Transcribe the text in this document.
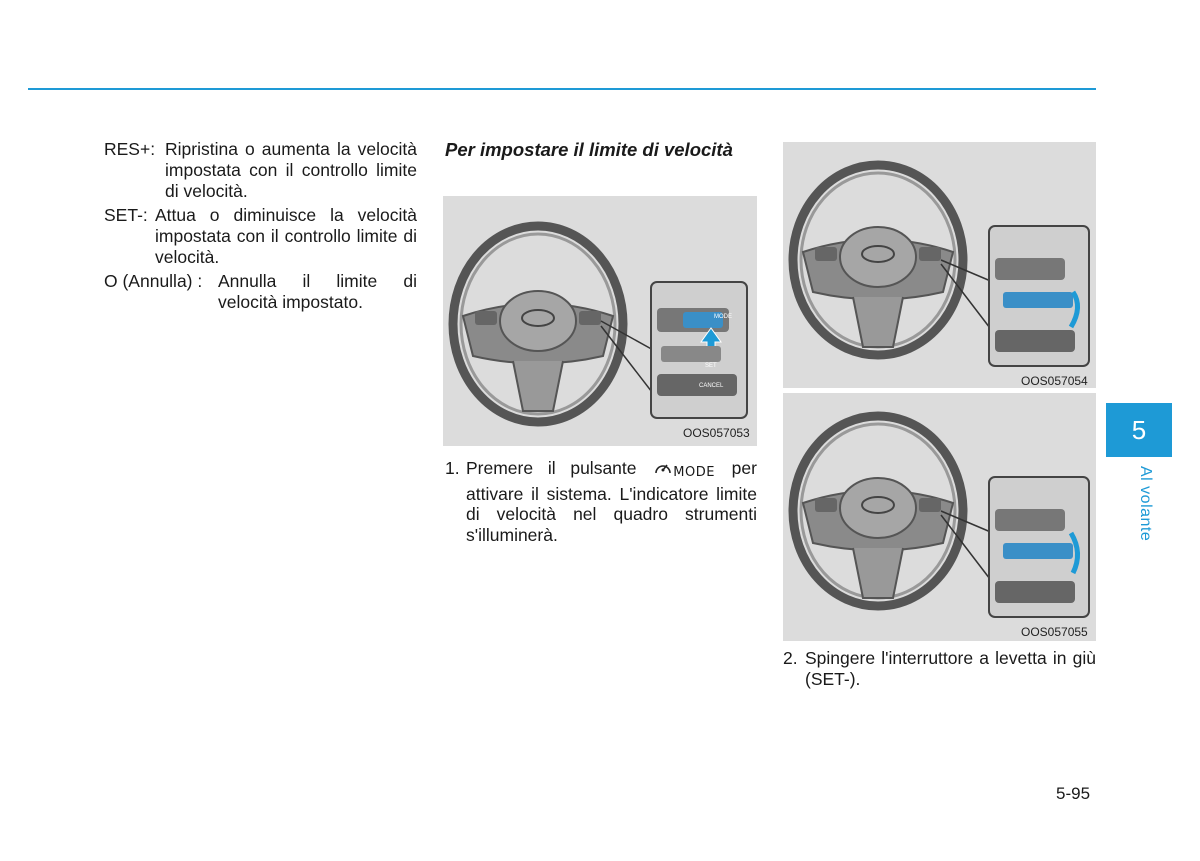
RES+: Ripristina o aumenta la velocità impostata con il controllo limite di velocità.
SET-: Attua o diminuisce la velocità impostata con il controllo limite di velocità.
O (Annulla) : Annulla il limite di velocità impostato.
Per impostare il limite di velocità
MODE
SET
CANCEL
OOS057053
1. Premere il pulsante	MODE per attivare il sistema. L'indicatore limite di velocità nel quadro strumenti s'illuminerà.
OOS057054
OOS057055
2. Spingere l'interruttore a levetta in giù (SET-).
5
Al volante
5-95
